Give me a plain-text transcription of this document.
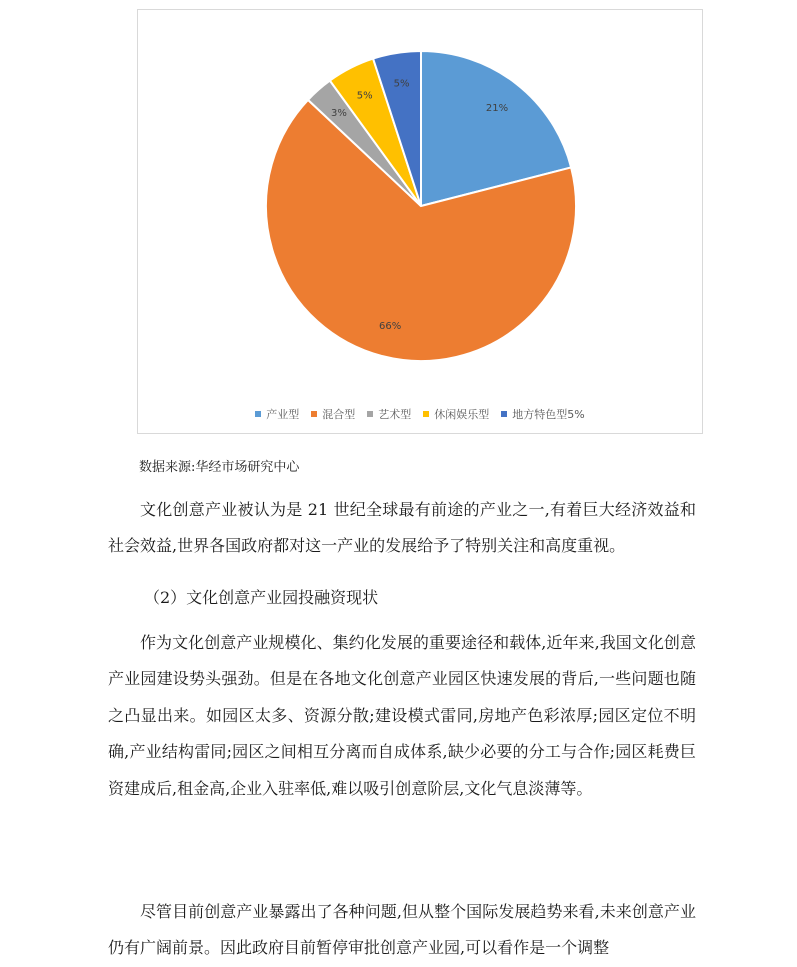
21%
66%
3%
5%
5%
产业型 混合型 艺术型 休闲娱乐型 地方特色型5%
数据来源:华经市场研究中心

文化创意产业被认为是 21 世纪全球最有前途的产业之一,有着巨大经济效益和社会效益,世界各国政府都对这一产业的发展给予了特别关注和高度重视。

（2）文化创意产业园投融资现状

作为文化创意产业规模化、集约化发展的重要途径和载体,近年来,我国文化创意产业园建设势头强劲。但是在各地文化创意产业园区快速发展的背后,一些问题也随之凸显出来。如园区太多、资源分散;建设模式雷同,房地产色彩浓厚;园区定位不明确,产业结构雷同;园区之间相互分离而自成体系,缺少必要的分工与合作;园区耗费巨资建成后,租金高,企业入驻率低,难以吸引创意阶层,文化气息淡薄等。

尽管目前创意产业暴露出了各种问题,但从整个国际发展趋势来看,未来创意产业仍有广阔前景。因此政府目前暂停审批创意产业园,可以看作是一个调整
